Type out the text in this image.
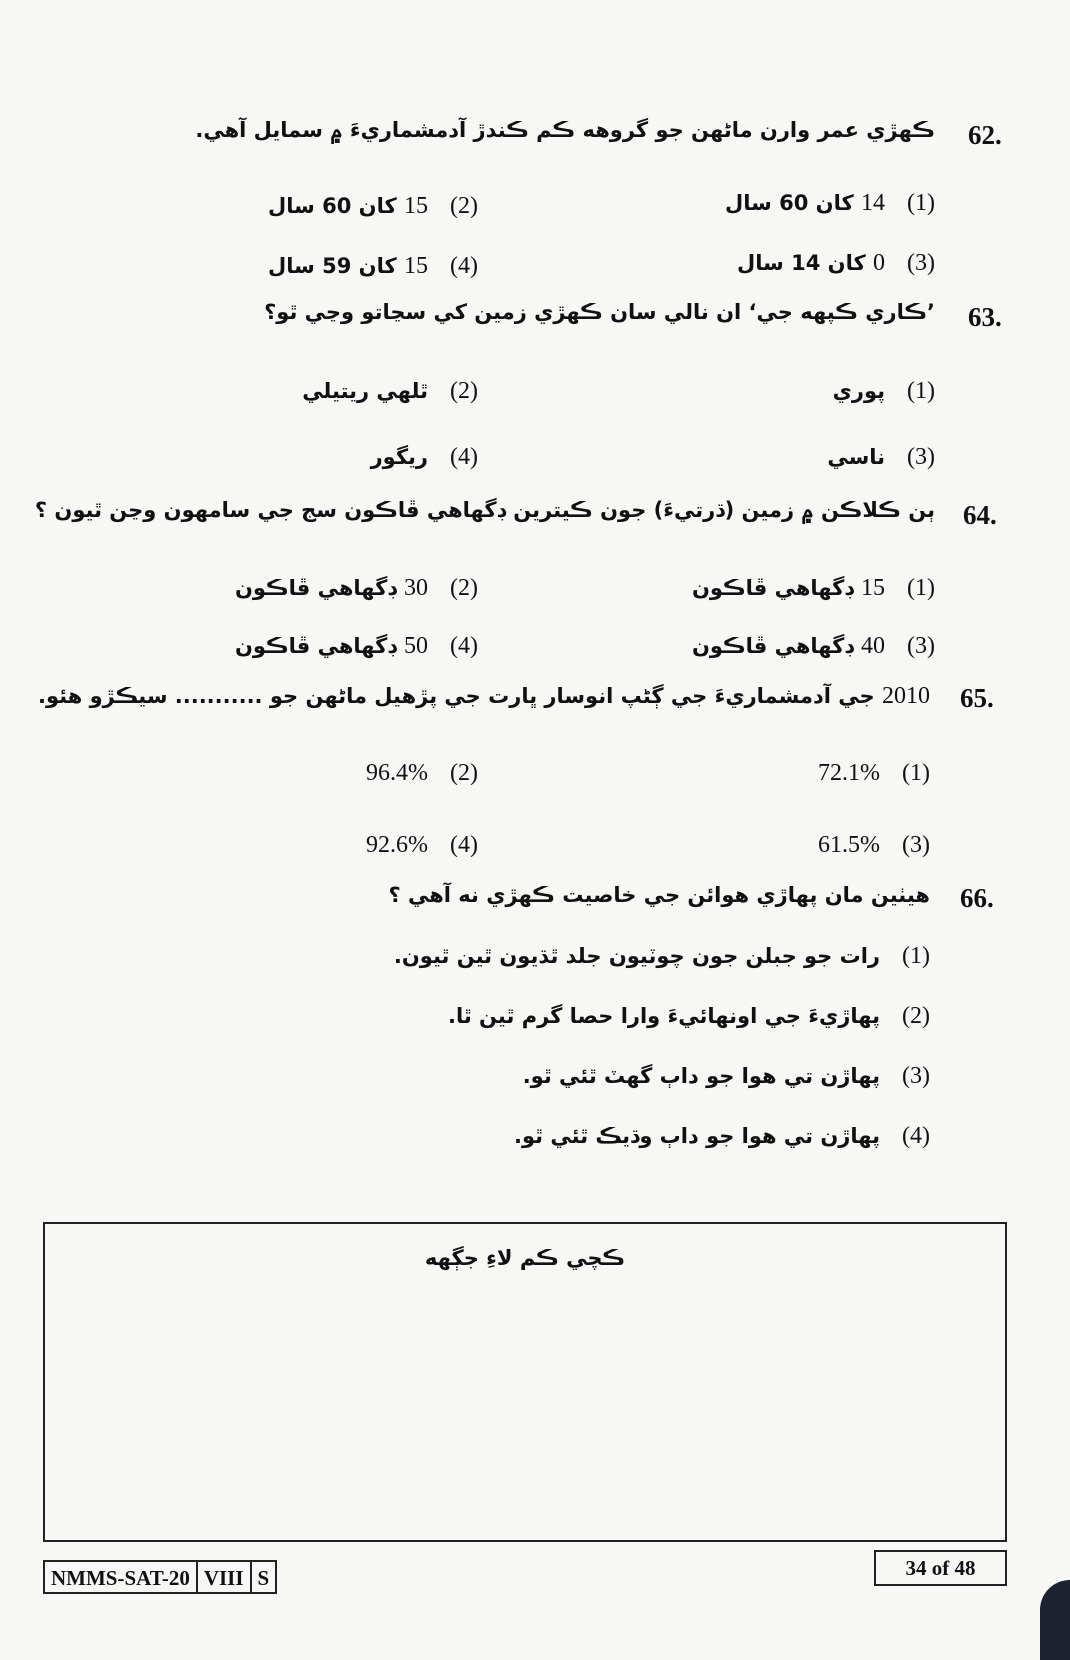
62.
ڪهڙي عمر وارن ماڻهن جو گروهه ڪم ڪندڙ آدمشماريءَ ۾ سمايل آهي.
(1)
14 کان 60 سال
(2)
15 کان 60 سال
(3)
0 کان 14 سال
(4)
15 کان 59 سال
63.
’ڪاري ڪپهه جي‘ ان نالي سان ڪهڙي زمين کي سڃاتو وڃي ٿو؟
(1)
پوري
(2)
ٿلهي ريتيلي
(3)
ناسي
(4)
ريگور
64.
ٻن ڪلاڪن ۾ زمين (ڌرتيءَ) جون ڪيترين ڊگهاهي ڦاڪون سج جي سامهون وڃن ٿيون ؟
(1)
15 ڊگهاهي ڦاڪون
(2)
30 ڊگهاهي ڦاڪون
(3)
40 ڊگهاهي ڦاڪون
(4)
50 ڊگهاهي ڦاڪون
65.
2010 جي آدمشماريءَ جي ڳڻپ انوسار ڀارت جي پڙهيل ماڻهن جو ........... سيڪڙو هئو.
(1)
72.1%
(2)
96.4%
(3)
61.5%
(4)
92.6%
66.
هيٺين مان پهاڙي هوائن جي خاصيت ڪهڙي نه آهي ؟
(1)
رات جو جبلن جون چوٽيون جلد ٿڌيون ٿين ٿيون.
(2)
پهاڙيءَ جي اونهائيءَ وارا حصا گرم ٿين ٿا.
(3)
پهاڙن تي هوا جو داٻ گهٽ ٿئي ٿو.
(4)
پهاڙن تي هوا جو داٻ وڌيڪ ٿئي ٿو.
ڪچي ڪم لاءِ جڳهه
NMMS-SAT-20 VIII S	34 of 48
